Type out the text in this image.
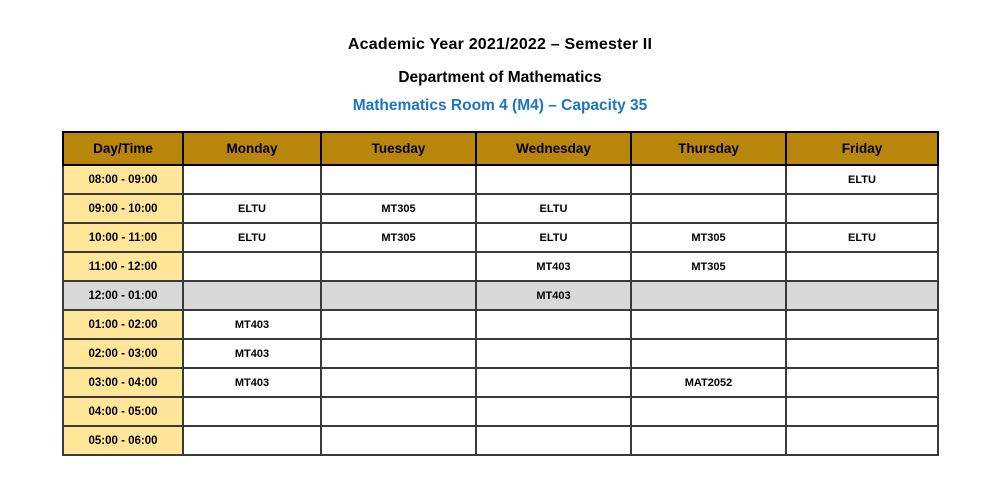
Academic Year 2021/2022 – Semester II

Department of Mathematics

Mathematics Room 4 (M4) – Capacity 35

Day/Time	Monday	Tuesday	Wednesday	Thursday	Friday
08:00 - 09:00					ELTU
09:00 - 10:00	ELTU	MT305	ELTU		
10:00 - 11:00	ELTU	MT305	ELTU	MT305	ELTU
11:00 - 12:00			MT403	MT305	
12:00 - 01:00			MT403		
01:00 - 02:00	MT403				
02:00 - 03:00	MT403				
03:00 - 04:00	MT403			MAT2052	
04:00 - 05:00					
05:00 - 06:00					
